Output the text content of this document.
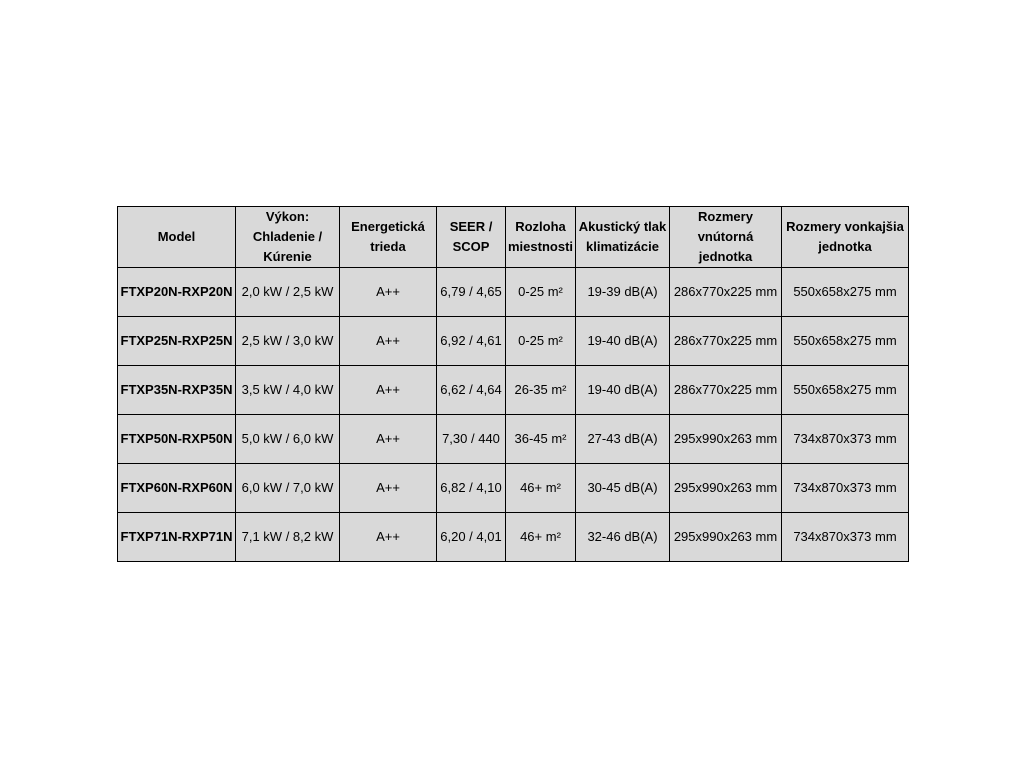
Model	Výkon: Chladenie / Kúrenie	Energetická trieda	SEER / SCOP	Rozloha miestnosti	Akustický tlak klimatizácie	Rozmery vnútorná jednotka	Rozmery vonkajšia jednotka
FTXP20N-RXP20N	2,0 kW / 2,5 kW	A++	6,79 / 4,65	0-25 m²	19-39 dB(A)	286x770x225 mm	550x658x275 mm
FTXP25N-RXP25N	2,5 kW / 3,0 kW	A++	6,92 / 4,61	0-25 m²	19-40 dB(A)	286x770x225 mm	550x658x275 mm
FTXP35N-RXP35N	3,5 kW / 4,0 kW	A++	6,62 / 4,64	26-35 m²	19-40 dB(A)	286x770x225 mm	550x658x275 mm
FTXP50N-RXP50N	5,0 kW / 6,0 kW	A++	7,30 / 440	36-45 m²	27-43 dB(A)	295x990x263 mm	734x870x373 mm
FTXP60N-RXP60N	6,0 kW / 7,0 kW	A++	6,82 / 4,10	46+ m²	30-45 dB(A)	295x990x263 mm	734x870x373 mm
FTXP71N-RXP71N	7,1 kW / 8,2 kW	A++	6,20 / 4,01	46+ m²	32-46 dB(A)	295x990x263 mm	734x870x373 mm
